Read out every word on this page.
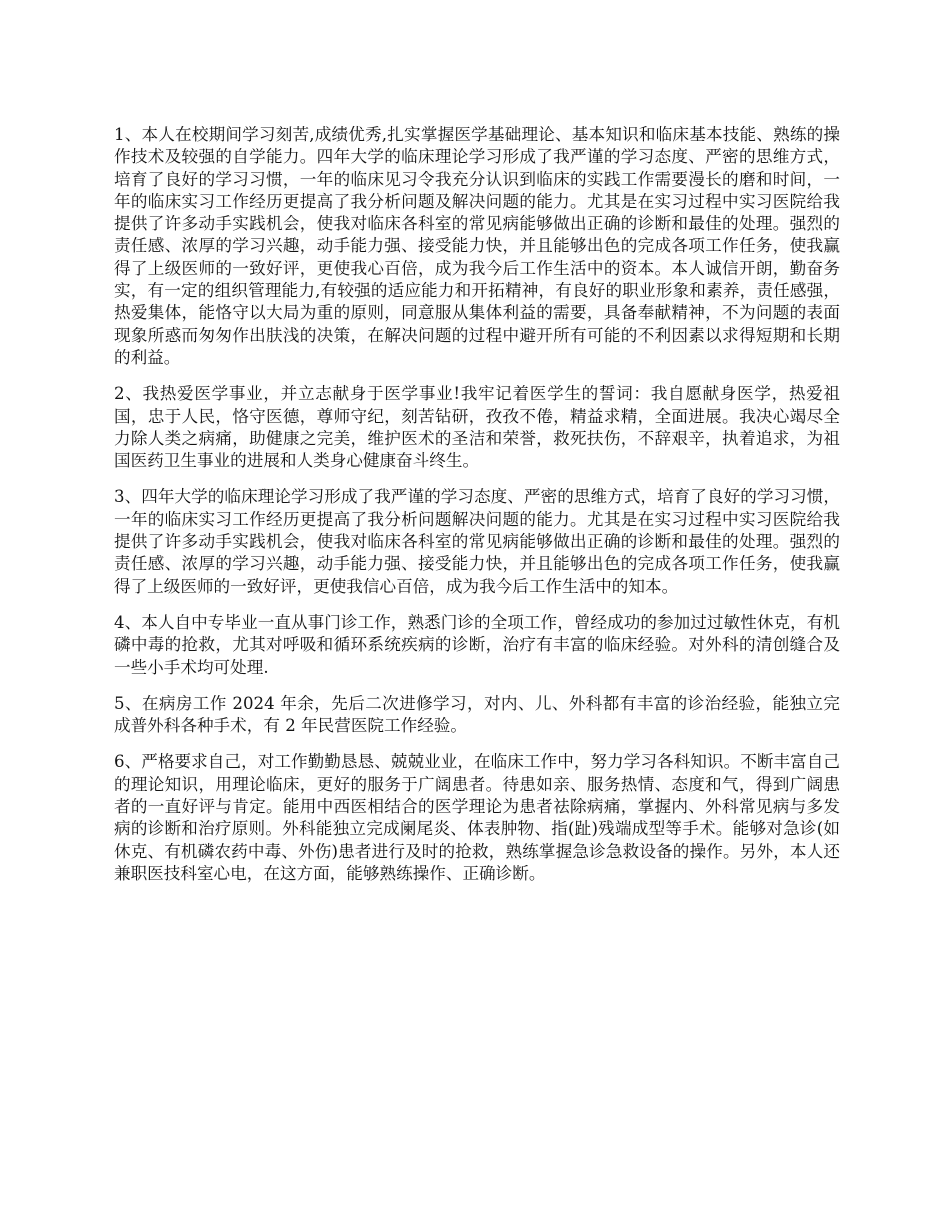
1、本人在校期间学习刻苦,成绩优秀,扎实掌握医学基础理论、基本知识和临床基本技能、熟练的操作技术及较强的自学能力。四年大学的临床理论学习形成了我严谨的学习态度、严密的思维方式，培育了良好的学习习惯，一年的临床见习令我充分认识到临床的实践工作需要漫长的磨和时间，一年的临床实习工作经历更提高了我分析问题及解决问题的能力。尤其是在实习过程中实习医院给我提供了许多动手实践机会，使我对临床各科室的常见病能够做出正确的诊断和最佳的处理。强烈的责任感、浓厚的学习兴趣，动手能力强、接受能力快，并且能够出色的完成各项工作任务，使我赢得了上级医师的一致好评，更使我心百倍，成为我今后工作生活中的资本。本人诚信开朗，勤奋务实，有一定的组织管理能力,有较强的适应能力和开拓精神，有良好的职业形象和素养，责任感强，热爱集体，能恪守以大局为重的原则，同意服从集体利益的需要，具备奉献精神，不为问题的表面现象所惑而匆匆作出肤浅的决策，在解决问题的过程中避开所有可能的不利因素以求得短期和长期的利益。

2、我热爱医学事业，并立志献身于医学事业!我牢记着医学生的誓词：我自愿献身医学，热爱祖国，忠于人民，恪守医德，尊师守纪，刻苦钻研，孜孜不倦，精益求精，全面进展。我决心竭尽全力除人类之病痛，助健康之完美，维护医术的圣洁和荣誉，救死扶伤，不辞艰辛，执着追求，为祖国医药卫生事业的进展和人类身心健康奋斗终生。

3、四年大学的临床理论学习形成了我严谨的学习态度、严密的思维方式，培育了良好的学习习惯，一年的临床实习工作经历更提高了我分析问题解决问题的能力。尤其是在实习过程中实习医院给我提供了许多动手实践机会，使我对临床各科室的常见病能够做出正确的诊断和最佳的处理。强烈的责任感、浓厚的学习兴趣，动手能力强、接受能力快，并且能够出色的完成各项工作任务，使我赢得了上级医师的一致好评，更使我信心百倍，成为我今后工作生活中的知本。

4、本人自中专毕业一直从事门诊工作，熟悉门诊的全项工作，曾经成功的参加过过敏性休克，有机磷中毒的抢救，尤其对呼吸和循环系统疾病的诊断，治疗有丰富的临床经验。对外科的清创缝合及一些小手术均可处理.

5、在病房工作 2024 年余，先后二次进修学习，对内、儿、外科都有丰富的诊治经验，能独立完成普外科各种手术，有 2 年民营医院工作经验。

6、严格要求自己，对工作勤勤恳恳、兢兢业业，在临床工作中，努力学习各科知识。不断丰富自己的理论知识，用理论临床，更好的服务于广阔患者。待患如亲、服务热情、态度和气，得到广阔患者的一直好评与肯定。能用中西医相结合的医学理论为患者祛除病痛，掌握内、外科常见病与多发病的诊断和治疗原则。外科能独立完成阑尾炎、体表肿物、指(趾)残端成型等手术。能够对急诊(如休克、有机磷农药中毒、外伤)患者进行及时的抢救，熟练掌握急诊急救设备的操作。另外，本人还兼职医技科室心电，在这方面，能够熟练操作、正确诊断。
